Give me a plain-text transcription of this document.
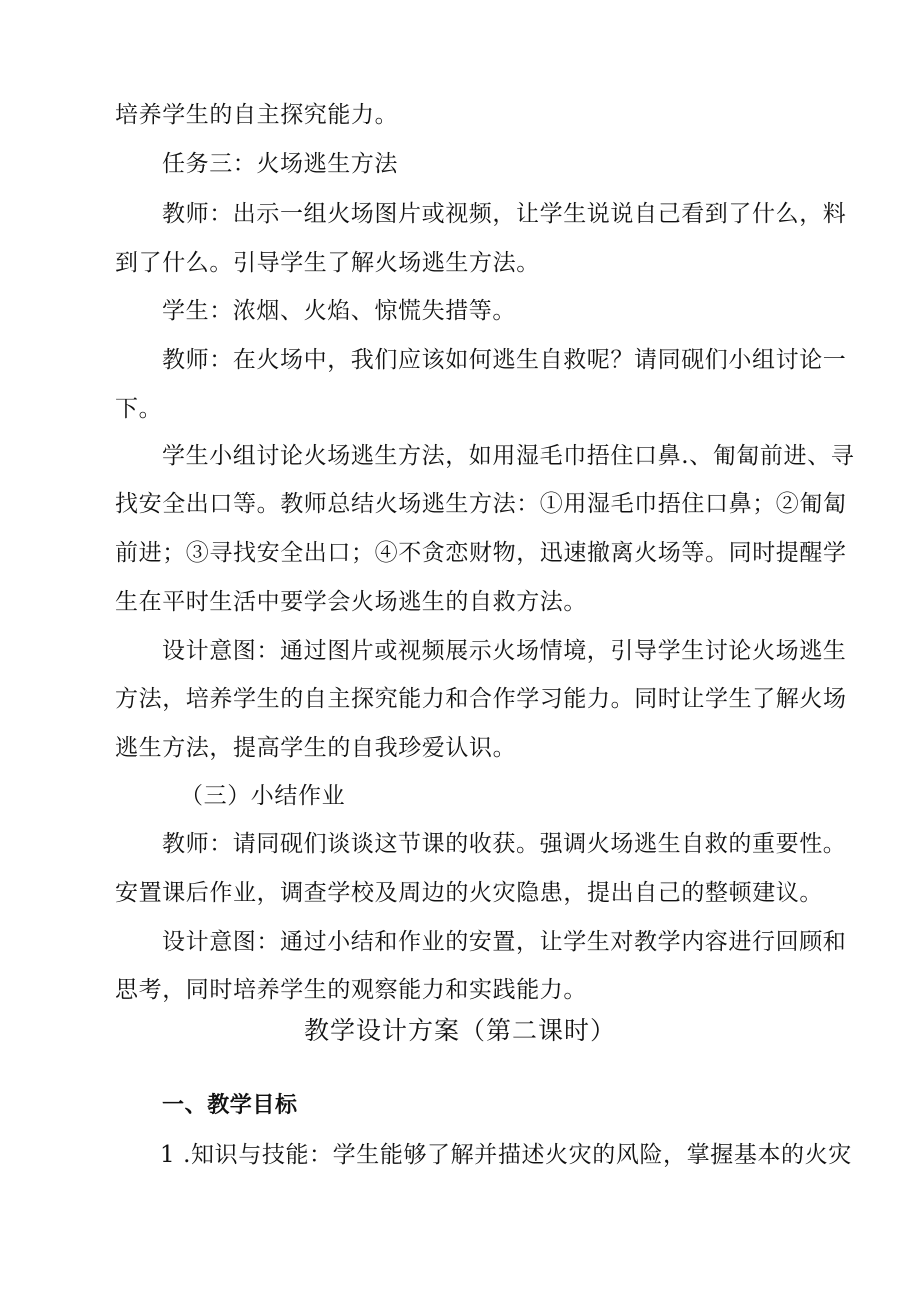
培养学生的自主探究能力。
任务三：火场逃生方法
教师：出示一组火场图片或视频，让学生说说自己看到了什么，料
到了什么。引导学生了解火场逃生方法。
学生：浓烟、火焰、惊慌失措等。
教师：在火场中，我们应该如何逃生自救呢？请同砚们小组讨论一
下。
学生小组讨论火场逃生方法，如用湿毛巾捂住口鼻.、匍匐前进、寻
找安全出口等。教师总结火场逃生方法：①用湿毛巾捂住口鼻；②匍匐
前进；③寻找安全出口；④不贪恋财物，迅速撤离火场等。同时提醒学
生在平时生活中要学会火场逃生的自救方法。
设计意图：通过图片或视频展示火场情境，引导学生讨论火场逃生
方法，培养学生的自主探究能力和合作学习能力。同时让学生了解火场
逃生方法，提高学生的自我珍爱认识。
（三）小结作业
教师：请同砚们谈谈这节课的收获。强调火场逃生自救的重要性。
安置课后作业，调查学校及周边的火灾隐患，提出自己的整顿建议。
设计意图：通过小结和作业的安置，让学生对教学内容进行回顾和
思考，同时培养学生的观察能力和实践能力。
教学设计方案（第二课时）
一、教学目标
1 .知识与技能：学生能够了解并描述火灾的风险，掌握基本的火灾
